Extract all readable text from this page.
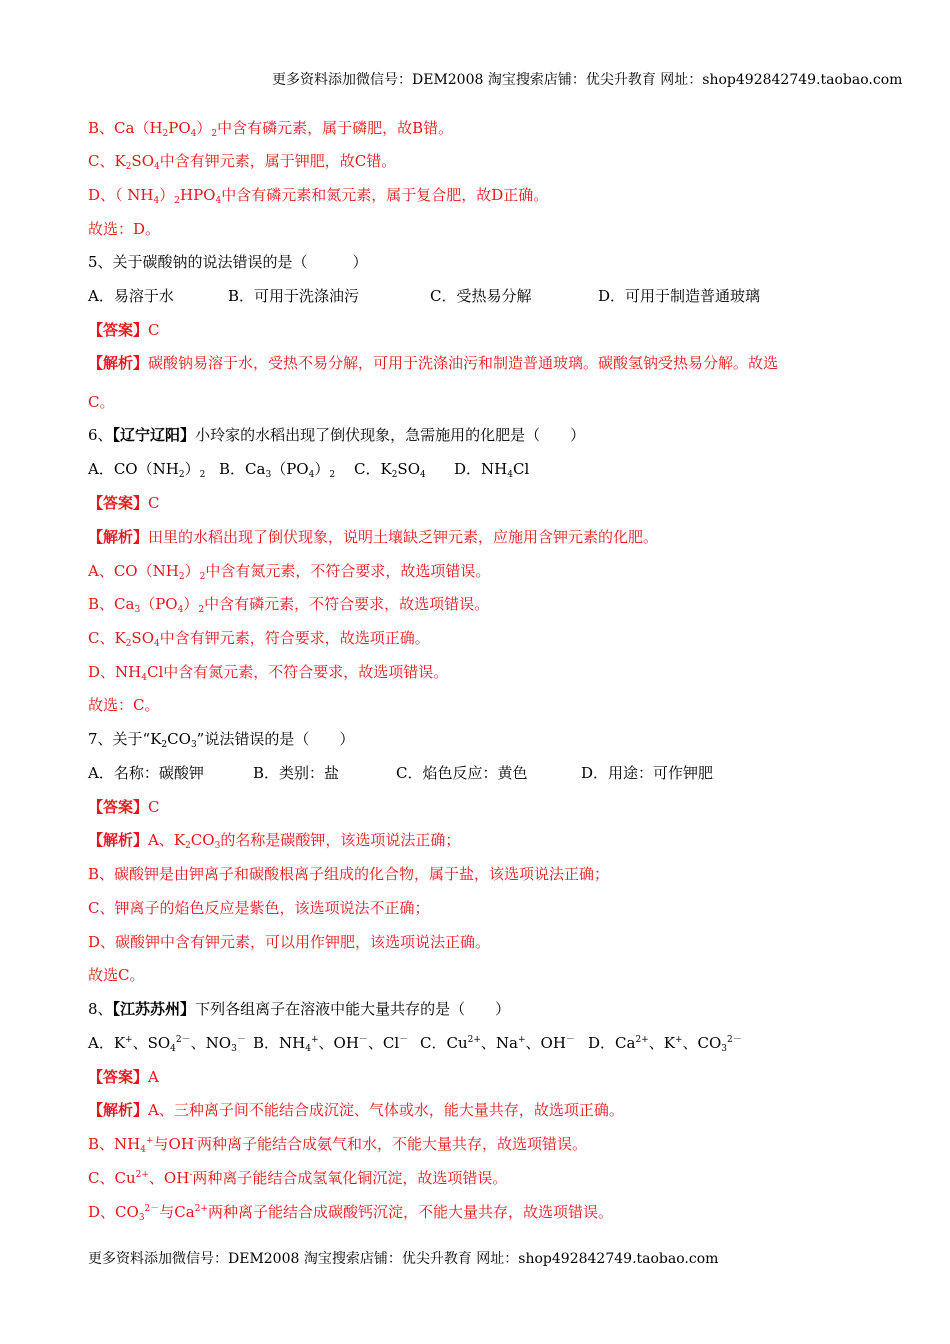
更多资料添加微信号：DEM2008 淘宝搜索店铺：优尖升教育 网址：shop492842749.taobao.com
B、$Ca(H_2PO_4)_2$中含有磷元素，属于磷肥，故B错。
C、$K_2SO_4$中含有钾元素，属于钾肥，故C错。
D、（ $NH_4)_2HPO_4$中含有磷元素和氮元素，属于复合肥，故D正确。
故选：D。
5、关于碳酸钠的说法错误的是（　　　）
A．易溶于水	B．可用于洗涤油污	C．受热易分解	D．可用于制造普通玻璃
【答案】C
【解析】碳酸钠易溶于水，受热不易分解，可用于洗涤油污和制造普通玻璃。碳酸氢钠受热易分解。故选
C。
6、【辽宁辽阳】小玲家的水稻出现了倒伏现象，急需施用的化肥是（　　）
A．$CO(NH_2)_2$ B．$Ca_3(PO_4)_2$ C．$K_2SO_4$ D．$NH_4Cl$
【答案】C
【解析】田里的水稻出现了倒伏现象，说明土壤缺乏钾元素，应施用含钾元素的化肥。
A、$CO(NH_2)_2$中含有氮元素，不符合要求，故选项错误。
B、$Ca_3(PO_4)_2$中含有磷元素，不符合要求，故选项错误。
C、$K_2SO_4$中含有钾元素，符合要求，故选项正确。
D、$NH_4Cl$中含有氮元素，不符合要求，故选项错误。
故选：C。
7、关于“$K_2CO_3$”说法错误的是（　　）
A．名称：碳酸钾	B．类别：盐	C．焰色反应：黄色	D．用途：可作钾肥
【答案】C
【解析】A、$K_2CO_3$的名称是碳酸钾，该选项说法正确；
B、碳酸钾是由钾离子和碳酸根离子组成的化合物，属于盐，该选项说法正确；
C、钾离子的焰色反应是紫色，该选项说法不正确；
D、碳酸钾中含有钾元素，可以用作钾肥，该选项说法正确。
故选C。
8、【江苏苏州】下列各组离子在溶液中能大量共存的是（　　）
A．K+、$SO_4^{2-}$、$NO_3^-$ B．$NH_4^+$、OH－、Cl－ C．$Cu^{2+}$、Na+、OH－ D．$Ca^{2+}$、K+、$CO_3^{2-}$
【答案】A
【解析】A、三种离子间不能结合成沉淀、气体或水，能大量共存，故选项正确。
B、$NH_4^+$与OH-两种离子能结合成氨气和水，不能大量共存，故选项错误。
C、$Cu^{2+}$、OH-两种离子能结合成氢氧化铜沉淀，故选项错误。
D、$CO_3^{2-}$与$Ca^{2+}$两种离子能结合成碳酸钙沉淀，不能大量共存，故选项错误。
更多资料添加微信号：DEM2008 淘宝搜索店铺：优尖升教育 网址：shop492842749.taobao.com
